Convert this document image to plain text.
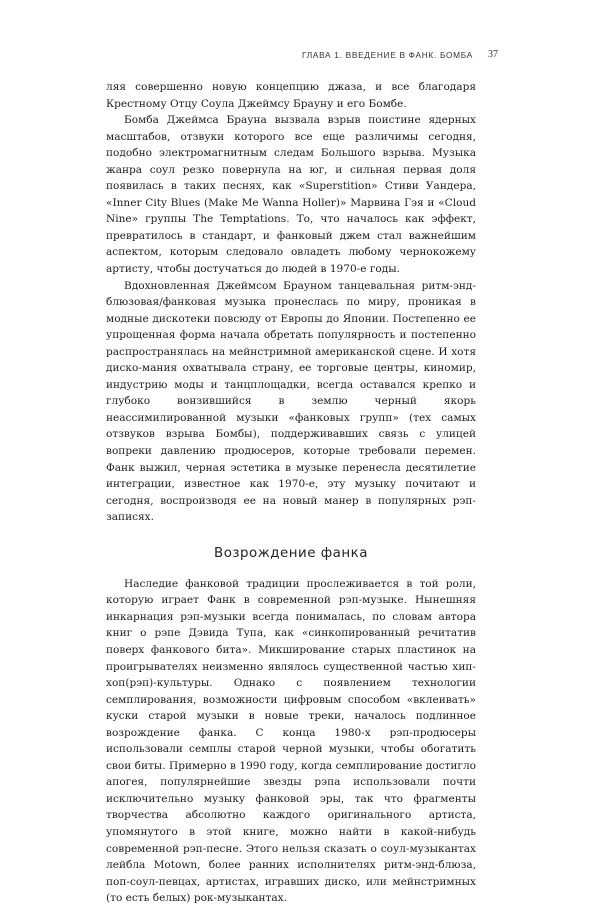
ГЛАВА 1. ВВЕДЕНИЕ В ФАНК. БОМБА 37

ляя совершенно новую концепцию джаза, и все благодаря Крестному Отцу Соула Джеймсу Брауну и его Бомбе.

Бомба Джеймса Брауна вызвала взрыв поистине ядерных масштабов, отзвуки которого все еще различимы сегодня, подобно электромагнитным следам Большого взрыва. Музыка жанра соул резко повернула на юг, и сильная первая доля появилась в таких песнях, как «Superstition» Стиви Уандера, «Inner City Blues (Make Me Wanna Holler)» Марвина Гэя и «Cloud Nine» группы The Temptations. То, что началось как эффект, превратилось в стандарт, и фанковый джем стал важнейшим аспектом, которым следовало овладеть любому чернокожему артисту, чтобы достучаться до людей в 1970-е годы.

Вдохновленная Джеймсом Брауном танцевальная ритм-энд-блюзовая/фанковая музыка пронеслась по миру, проникая в модные дискотеки повсюду от Европы до Японии. Постепенно ее упрощенная форма начала обретать популярность и постепенно распространялась на мейнстримной американской сцене. И хотя диско-мания охватывала страну, ее торговые центры, киномир, индустрию моды и танцплощадки, всегда оставался крепко и глубоко вонзившийся в землю черный якорь неассимилированной музыки «фанковых групп» (тех самых отзвуков взрыва Бомбы), поддерживавших связь с улицей вопреки давлению продюсеров, которые требовали перемен. Фанк выжил, черная эстетика в музыке перенесла десятилетие интеграции, известное как 1970-е, эту музыку почитают и сегодня, воспроизводя ее на новый манер в популярных рэп-записях.

Возрождение фанка

Наследие фанковой традиции прослеживается в той роли, которую играет Фанк в современной рэп-музыке. Нынешняя инкарнация рэп-музыки всегда понималась, по словам автора книг о рэпе Дэвида Тупа, как «синкопированный речитатив поверх фанкового бита». Микширование старых пластинок на проигрывателях неизменно являлось существенной частью хип-хоп(рэп)-культуры. Однако с появлением технологии семплирования, возможности цифровым способом «вклеивать» куски старой музыки в новые треки, началось подлинное возрождение фанка. С конца 1980-х рэп-продюсеры использовали семплы старой черной музыки, чтобы обогатить свои биты. Примерно в 1990 году, когда семплирование достигло апогея, популярнейшие звезды рэпа использовали почти исключительно музыку фанковой эры, так что фрагменты творчества абсолютно каждого оригинального артиста, упомянутого в этой книге, можно найти в какой-нибудь современной рэп-песне. Этого нельзя сказать о соул-музыкантах лейбла Motown, более ранних исполнителях ритм-энд-блюза, поп-соул-певцах, артистах, игравших диско, или мейнстримных (то есть белых) рок-музыкантах.
